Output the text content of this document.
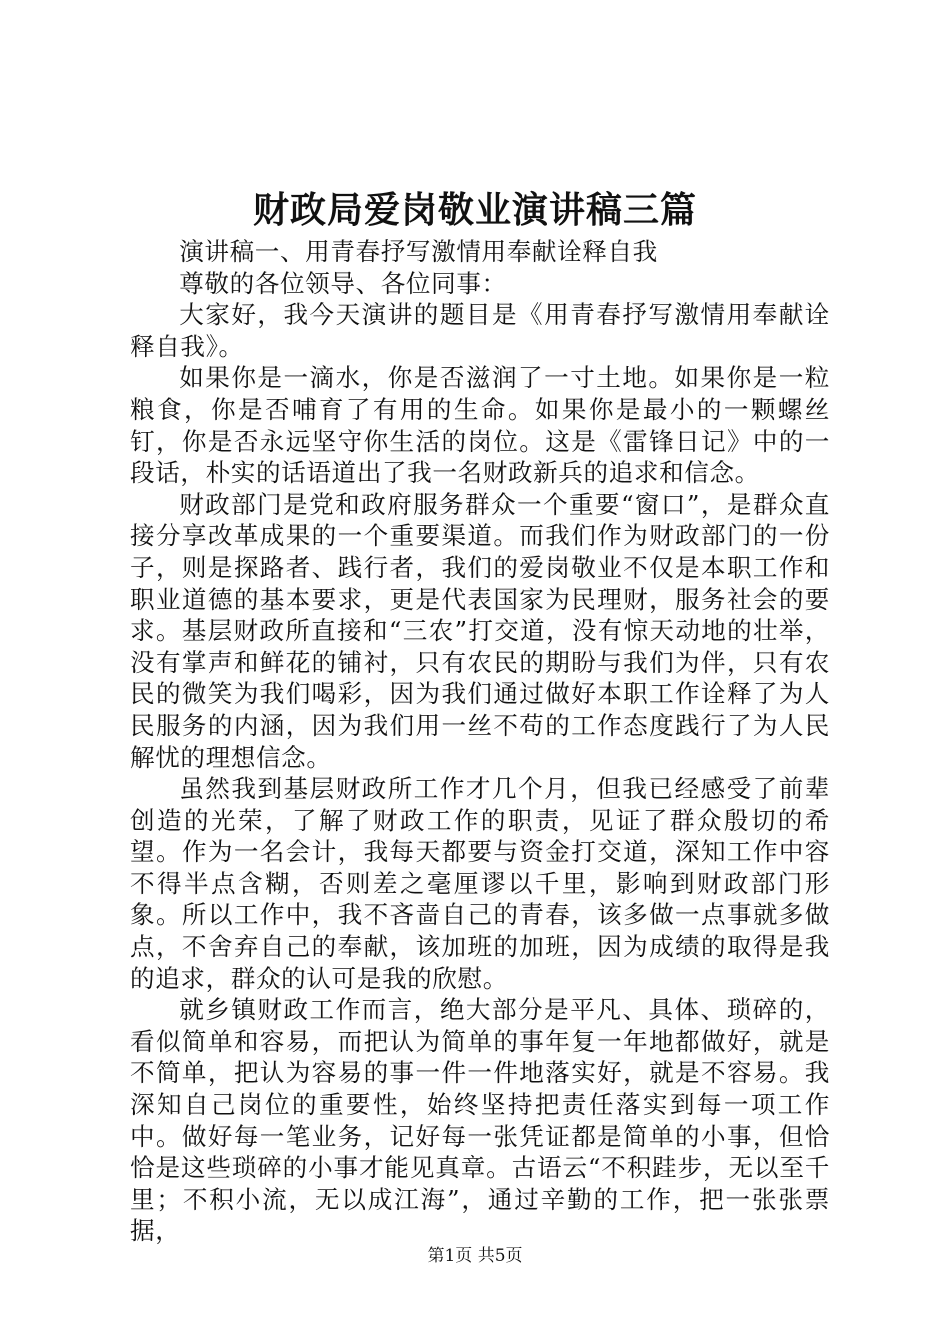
财政局爱岗敬业演讲稿三篇

演讲稿一、用青春抒写激情用奉献诠释自我

尊敬的各位领导、各位同事：

大家好，我今天演讲的题目是《用青春抒写激情用奉献诠释自我》。

如果你是一滴水，你是否滋润了一寸土地。如果你是一粒粮食，你是否哺育了有用的生命。如果你是最小的一颗螺丝钉，你是否永远坚守你生活的岗位。这是《雷锋日记》中的一段话，朴实的话语道出了我一名财政新兵的追求和信念。

财政部门是党和政府服务群众一个重要“窗口”，是群众直接分享改革成果的一个重要渠道。而我们作为财政部门的一份子，则是探路者、践行者，我们的爱岗敬业不仅是本职工作和职业道德的基本要求，更是代表国家为民理财，服务社会的要求。基层财政所直接和“三农”打交道，没有惊天动地的壮举，没有掌声和鲜花的铺衬，只有农民的期盼与我们为伴，只有农民的微笑为我们喝彩，因为我们通过做好本职工作诠释了为人民服务的内涵，因为我们用一丝不苟的工作态度践行了为人民解忧的理想信念。

虽然我到基层财政所工作才几个月，但我已经感受了前辈创造的光荣，了解了财政工作的职责，见证了群众殷切的希望。作为一名会计，我每天都要与资金打交道，深知工作中容不得半点含糊，否则差之毫厘谬以千里，影响到财政部门形象。所以工作中，我不吝啬自己的青春，该多做一点事就多做点，不舍弃自己的奉献，该加班的加班，因为成绩的取得是我的追求，群众的认可是我的欣慰。

就乡镇财政工作而言，绝大部分是平凡、具体、琐碎的，看似简单和容易，而把认为简单的事年复一年地都做好，就是不简单，把认为容易的事一件一件地落实好，就是不容易。我深知自己岗位的重要性，始终坚持把责任落实到每一项工作中。做好每一笔业务，记好每一张凭证都是简单的小事，但恰恰是这些琐碎的小事才能见真章。古语云“不积跬步，无以至千里；不积小流，无以成江海”，通过辛勤的工作，把一张张票据，

第1页 共5页
